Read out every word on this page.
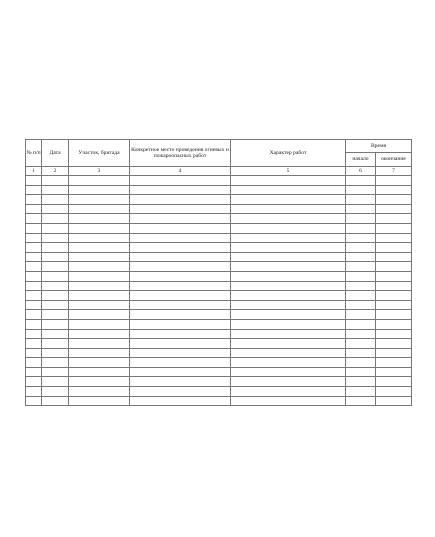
№ п/п	Дата	Участок, бригада	Конкретное место проведения огневых и пожароопасных работ	Характер работ	Время	

					начало	окончание

1	2	3	4	5	6	7
